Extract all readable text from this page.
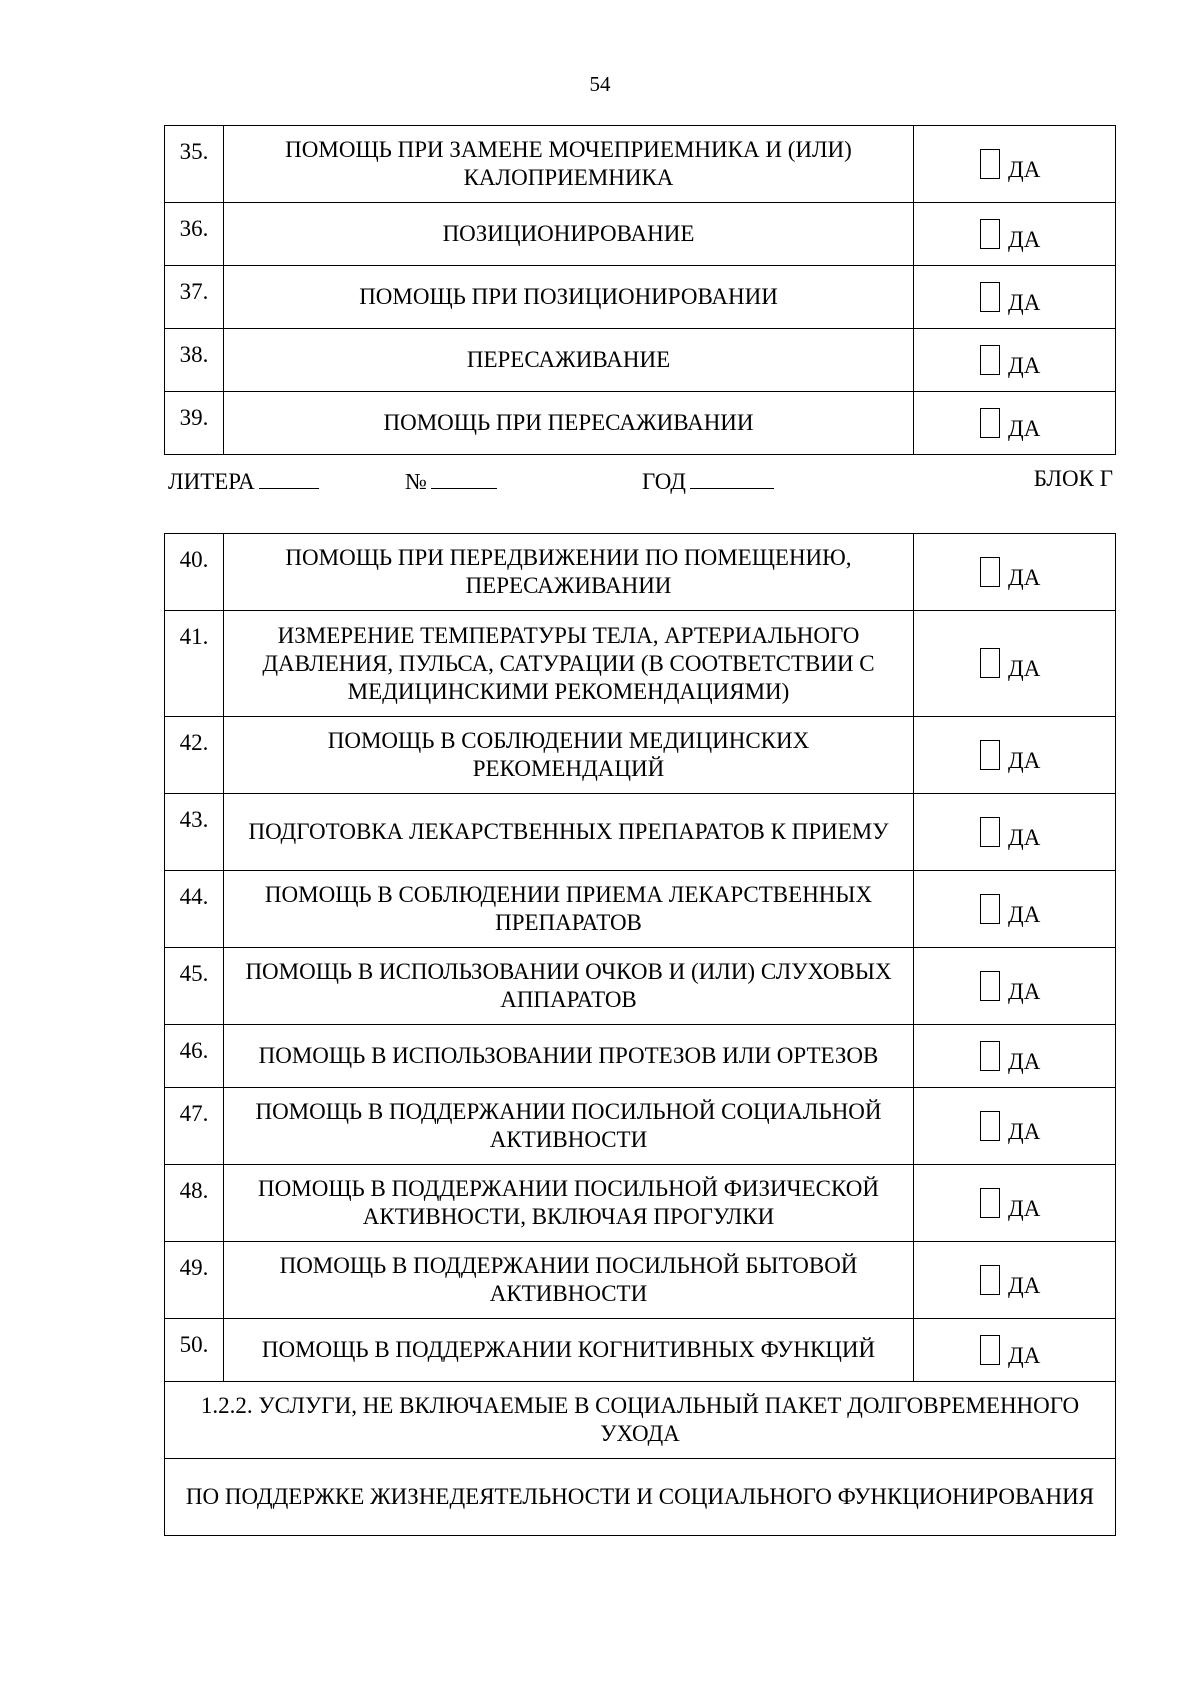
54
35.	ПОМОЩЬ ПРИ ЗАМЕНЕ МОЧЕПРИЕМНИКА И (ИЛИ) КАЛОПРИЕМНИКА	ДА
36.	ПОЗИЦИОНИРОВАНИЕ	ДА
37.	ПОМОЩЬ ПРИ ПОЗИЦИОНИРОВАНИИ	ДА
38.	ПЕРЕСАЖИВАНИЕ	ДА
39.	ПОМОЩЬ ПРИ ПЕРЕСАЖИВАНИИ	ДА
ЛИТЕРА	№	ГОД	БЛОК Г
40.	ПОМОЩЬ ПРИ ПЕРЕДВИЖЕНИИ ПО ПОМЕЩЕНИЮ, ПЕРЕСАЖИВАНИИ	ДА
41.	ИЗМЕРЕНИЕ ТЕМПЕРАТУРЫ ТЕЛА, АРТЕРИАЛЬНОГО ДАВЛЕНИЯ, ПУЛЬСА, САТУРАЦИИ (В СООТВЕТСТВИИ С МЕДИЦИНСКИМИ РЕКОМЕНДАЦИЯМИ)	ДА
42.	ПОМОЩЬ В СОБЛЮДЕНИИ МЕДИЦИНСКИХ РЕКОМЕНДАЦИЙ	ДА
43.	ПОДГОТОВКА ЛЕКАРСТВЕННЫХ ПРЕПАРАТОВ К ПРИЕМУ	ДА
44.	ПОМОЩЬ В СОБЛЮДЕНИИ ПРИЕМА ЛЕКАРСТВЕННЫХ ПРЕПАРАТОВ	ДА
45.	ПОМОЩЬ В ИСПОЛЬЗОВАНИИ ОЧКОВ И (ИЛИ) СЛУХОВЫХ АППАРАТОВ	ДА
46.	ПОМОЩЬ В ИСПОЛЬЗОВАНИИ ПРОТЕЗОВ ИЛИ ОРТЕЗОВ	ДА
47.	ПОМОЩЬ В ПОДДЕРЖАНИИ ПОСИЛЬНОЙ СОЦИАЛЬНОЙ АКТИВНОСТИ	ДА
48.	ПОМОЩЬ В ПОДДЕРЖАНИИ ПОСИЛЬНОЙ ФИЗИЧЕСКОЙ АКТИВНОСТИ, ВКЛЮЧАЯ ПРОГУЛКИ	ДА
49.	ПОМОЩЬ В ПОДДЕРЖАНИИ ПОСИЛЬНОЙ БЫТОВОЙ АКТИВНОСТИ	ДА
50.	ПОМОЩЬ В ПОДДЕРЖАНИИ КОГНИТИВНЫХ ФУНКЦИЙ	ДА
1.2.2. УСЛУГИ, НЕ ВКЛЮЧАЕМЫЕ В СОЦИАЛЬНЫЙ ПАКЕТ ДОЛГОВРЕМЕННОГО УХОДА		
ПО ПОДДЕРЖКЕ ЖИЗНЕДЕЯТЕЛЬНОСТИ И СОЦИАЛЬНОГО ФУНКЦИОНИРОВАНИЯ		
